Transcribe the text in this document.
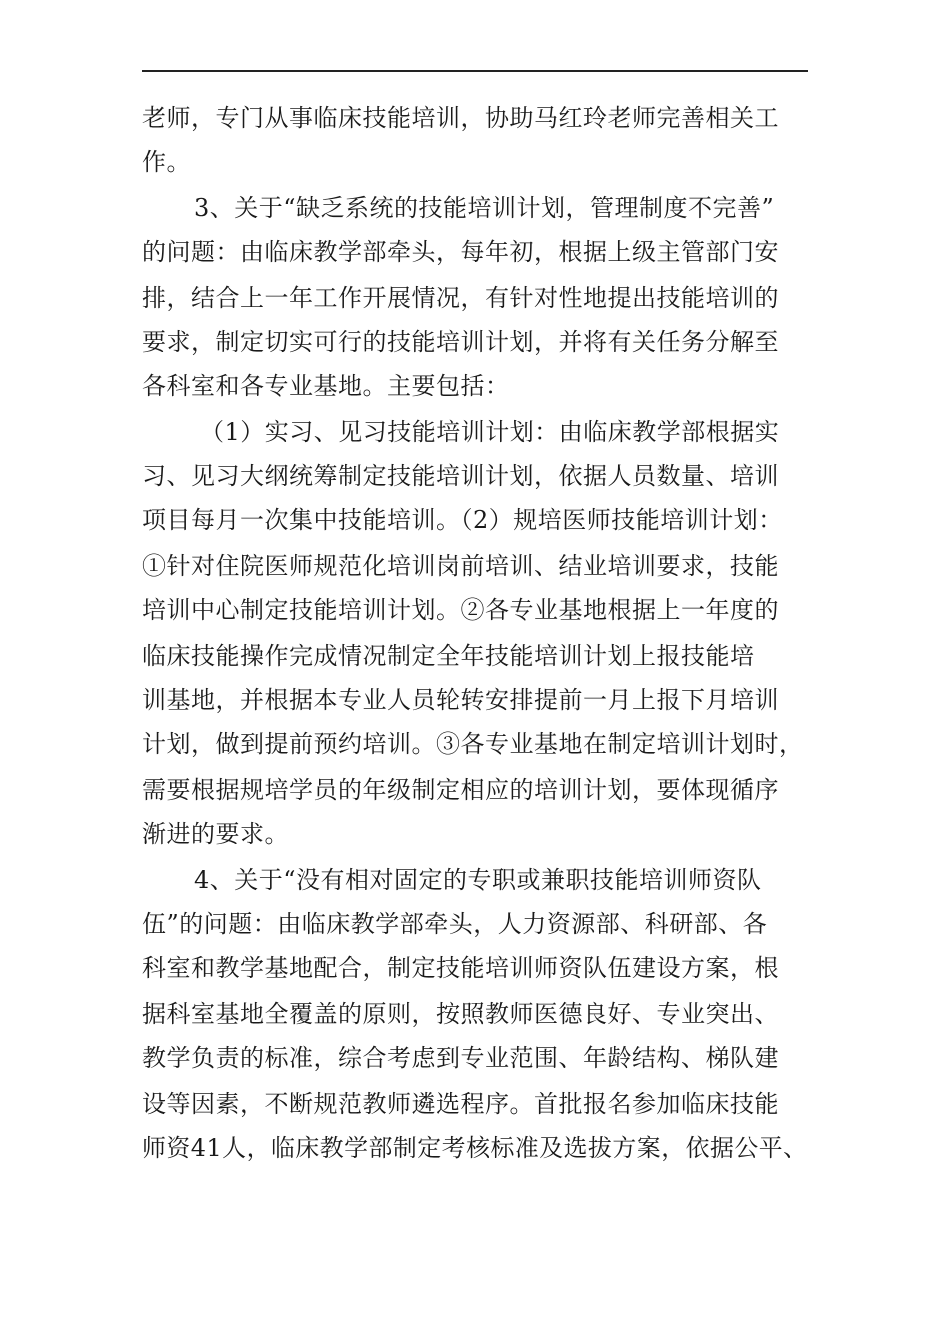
老师，专门从事临床技能培训，协助马红玲老师完善相关工
作。
3、关于“缺乏系统的技能培训计划，管理制度不完善”
的问题：由临床教学部牵头，每年初，根据上级主管部门安
排，结合上一年工作开展情况，有针对性地提出技能培训的
要求，制定切实可行的技能培训计划，并将有关任务分解至
各科室和各专业基地。主要包括：
（1）实习、见习技能培训计划：由临床教学部根据实
习、见习大纲统筹制定技能培训计划，依据人员数量、培训
项目每月一次集中技能培训。（2）规培医师技能培训计划：
①针对住院医师规范化培训岗前培训、结业培训要求，技能
培训中心制定技能培训计划。②各专业基地根据上一年度的
临床技能操作完成情况制定全年技能培训计划上报技能培
训基地，并根据本专业人员轮转安排提前一月上报下月培训
计划，做到提前预约培训。③各专业基地在制定培训计划时，
需要根据规培学员的年级制定相应的培训计划，要体现循序
渐进的要求。
4、关于“没有相对固定的专职或兼职技能培训师资队
伍”的问题：由临床教学部牵头，人力资源部、科研部、各
科室和教学基地配合，制定技能培训师资队伍建设方案，根
据科室基地全覆盖的原则，按照教师医德良好、专业突出、
教学负责的标准，综合考虑到专业范围、年龄结构、梯队建
设等因素，不断规范教师遴选程序。首批报名参加临床技能
师资41人，临床教学部制定考核标准及选拔方案，依据公平、
